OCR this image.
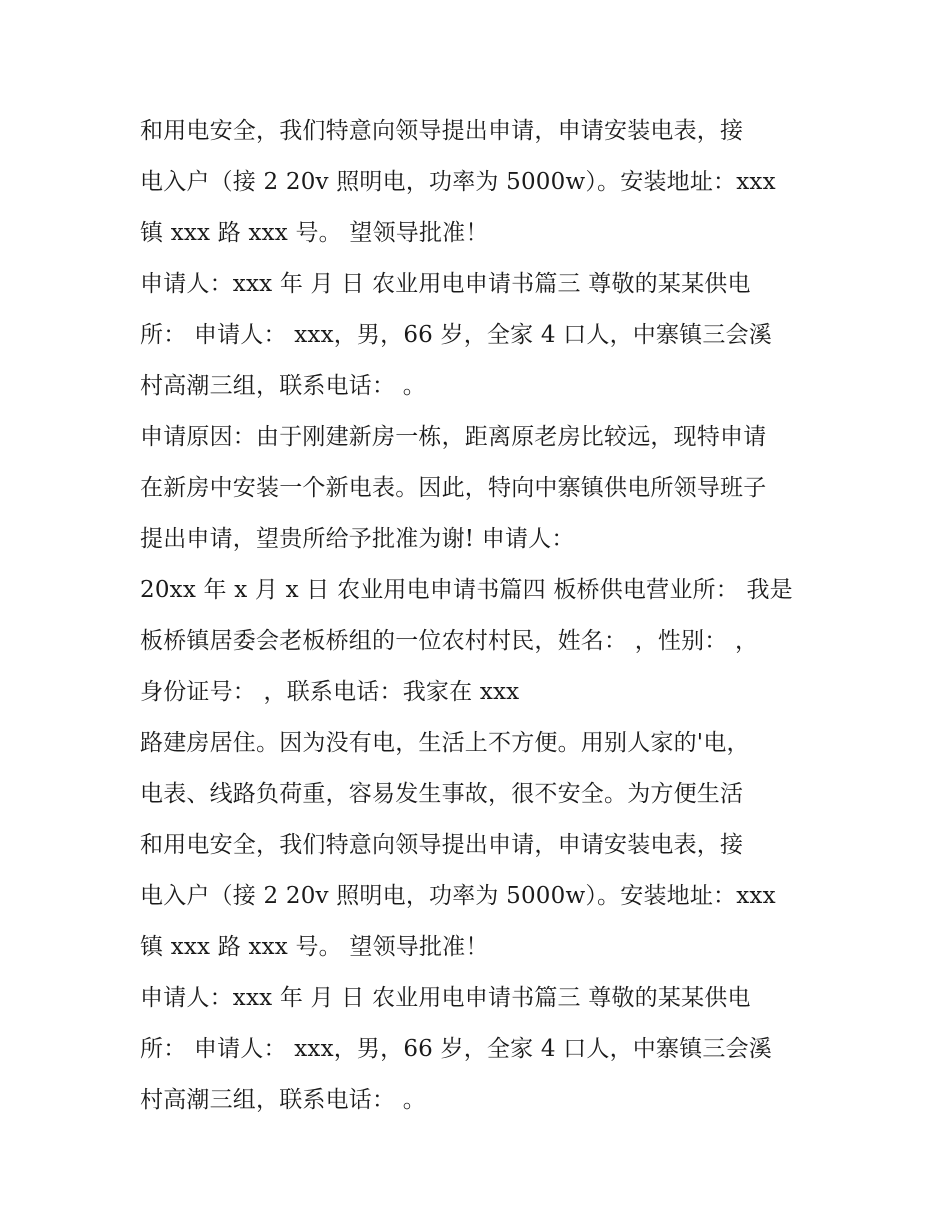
和用电安全，我们特意向领导提出申请，申请安装电表，接
电入户（接 2 20v 照明电，功率为 5000w）。安装地址：xxx
镇 xxx 路 xxx 号。 望领导批准！
申请人：xxx 年 月 日 农业用电申请书篇三 尊敬的某某供电
所： 申请人： xxx，男，66 岁，全家 4 口人，中寨镇三会溪
村高潮三组，联系电话： 。
申请原因：由于刚建新房一栋，距离原老房比较远，现特申请
在新房中安装一个新电表。因此，特向中寨镇供电所领导班子
提出申请，望贵所给予批准为谢! 申请人：
20xx 年 x 月 x 日 农业用电申请书篇四 板桥供电营业所： 我是
板桥镇居委会老板桥组的一位农村村民，姓名： ，性别： ，
身份证号： ，联系电话：我家在 xxx
路建房居住。因为没有电，生活上不方便。用别人家的'电，
电表、线路负荷重，容易发生事故，很不安全。为方便生活
和用电安全，我们特意向领导提出申请，申请安装电表，接
电入户（接 2 20v 照明电，功率为 5000w）。安装地址：xxx
镇 xxx 路 xxx 号。 望领导批准！
申请人：xxx 年 月 日 农业用电申请书篇三 尊敬的某某供电
所： 申请人： xxx，男，66 岁，全家 4 口人，中寨镇三会溪
村高潮三组，联系电话： 。
